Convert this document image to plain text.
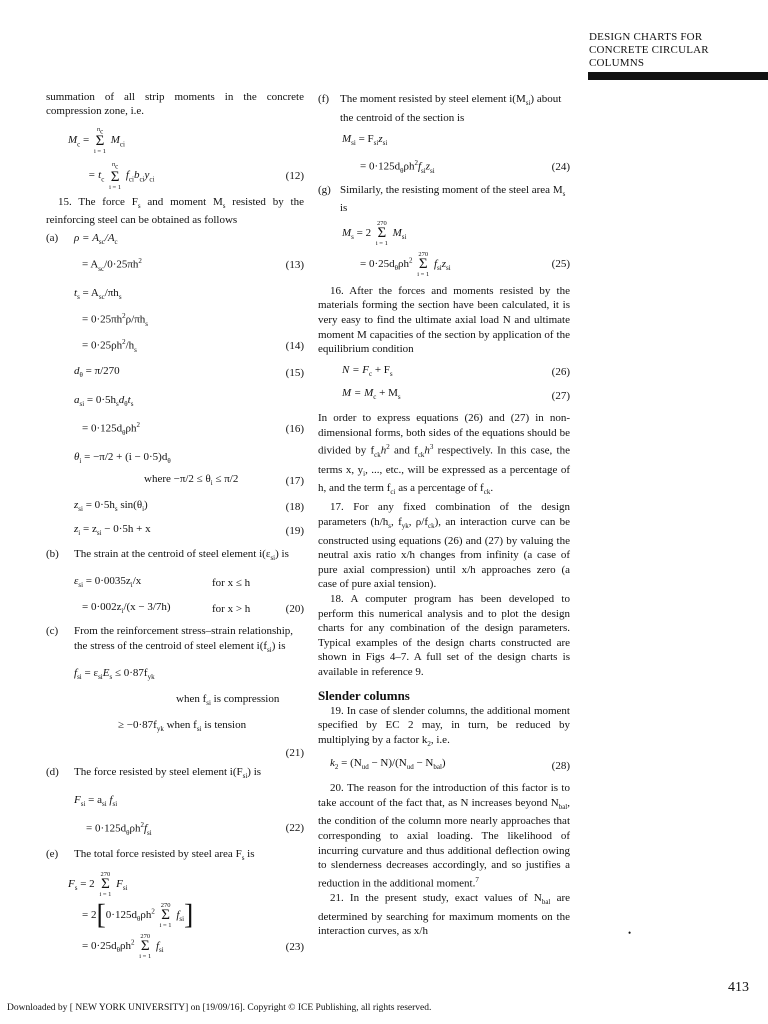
DESIGN CHARTS FOR
CONCRETE CIRCULAR
COLUMNS

summation of all strip moments in the concrete compression zone, i.e.

$M_c$ =
$n_c$
Σ
i = 1
$M_{ci}$
= $t_c$
$n_c$
Σ
i = 1
$f_{ci}b_{ci}y_{ci}$	(12)

15. The force $F_s$ and moment $M_s$ resisted by the reinforcing steel can be obtained as follows

(a)	$\rho = A_{sc}/A_c$
= $A_{sc}/0\cdot 25\pi h^2$	(13)
$t_s = A_{sc}/\pi h_s$
= $0\cdot 25\pi h^2\rho/\pi h_s$
= $0\cdot 25\rho h^2/h_s$	(14)
$d_\theta = \pi/270$	(15)
$a_{si} = 0\cdot 5h_sd_\theta t_s$
= $0\cdot 125d_\theta\rho h^2$	(16)
$\theta_i = -\pi/2 + (i - 0\cdot 5)d_\theta$
where $-\pi/2 \le \theta_i \le \pi/2$	(17)
$z_{si} = 0\cdot 5h_s$ $\sin(\theta_i)$	(18)
$z_i = z_{si} - 0\cdot 5h + x$	(19)
(b)	The strain at the centroid of steel element $i(\varepsilon_{si})$ is
$\varepsilon_{si} = 0\cdot 0035z_i/x$	for x ≤ h
= $0\cdot 002z_i/(x - 3/7h)$	for x > h	(20)
(c)	From the reinforcement stress–strain relationship, the stress of the centroid of steel element $i(f_{si})$ is
$f_{si} = \varepsilon_{si}E_s \le 0\cdot 87f_{yk}$
when $f_{si}$ is compression
≥ $-0\cdot 87f_{yk}$ when $f_{si}$ is tension
(21)
(d)	The force resisted by steel element $i(F_{si})$ is
$F_{si} = a_{si}$ $f_{si}$
= $0\cdot 125d_\theta\rho h^2f_{si}$	(22)
(e)	The total force resisted by steel area $F_s$ is
$F_s = 2$
270
Σ
i = 1
$F_{si}$
= $2[0\cdot 125d_\theta\rho h^2$
270
Σ
i = 1
$f_{si}$]
= $0\cdot 25d_\theta\rho h^2$
270
Σ
i = 1
$f_{si}$	(23)
(f)	The moment resisted by steel element $i(M_{si})$ about the centroid of the section is
$M_{si} = F_{si}z_{si}$
= $0\cdot 125d_\theta\rho h^2f_{si}z_{si}$	(24)
(g) Similarly, the resisting moment of the steel area $M_s$ is
$M_s = 2$
270
Σ
i = 1
$M_{si}$
= $0\cdot 25d_\theta\rho h^2$
270
Σ
i = 1
$f_{si}z_{si}$	(25)

16. After the forces and moments resisted by the materials forming the section have been calculated, it is very easy to find the ultimate axial load N and ultimate moment M capacities of the section by application of the equilibrium condition

$N = F_c + F_s$	(26)
$M = M_c + M_s$	(27)

In order to express equations (26) and (27) in non-dimensional forms, both sides of the equations should be divided by $f_{ck}h^2$ and $f_{ck}h^3$ respectively. In this case, the terms x, $y_i$, ..., etc., will be expressed as a percentage of h, and the term $f_{ci}$ as a percentage of $f_{ck}$.

17. For any fixed combination of the design parameters ($h/h_s$, $f_{yk}$, $\rho/f_{ck}$), an interaction curve can be constructed using equations (26) and (27) by valuing the neutral axis ratio x/h changes from infinity (a case of pure axial compression) until x/h approaches zero (a case of pure axial tension).

18. A computer program has been developed to perform this numerical analysis and to plot the design charts for any combination of the design parameters. Typical examples of the design charts constructed are shown in Figs 4–7. A full set of the design charts is available in reference 9.

Slender columns

19. In case of slender columns, the additional moment specified by EC 2 may, in turn, be reduced by multiplying by a factor $k_2$, i.e.

$k_2 = (N_{ud} - N)/(N_{ud} - N_{bal})$	(28)

20. The reason for the introduction of this factor is to take account of the fact that, as N increases beyond $N_{bal}$, the condition of the column more nearly approaches that corresponding to axial loading. The likelihood of incurring curvature and thus additional deflection owing to slenderness decreases accordingly, and so justifies a reduction in the additional moment.$^7$

21. In the present study, exact values of $N_{bal}$ are determined by searching for maximum moments on the interaction curves, as x/h	•
413
Downloaded by [ NEW YORK UNIVERSITY] on [19/09/16]. Copyright © ICE Publishing, all rights reserved.
